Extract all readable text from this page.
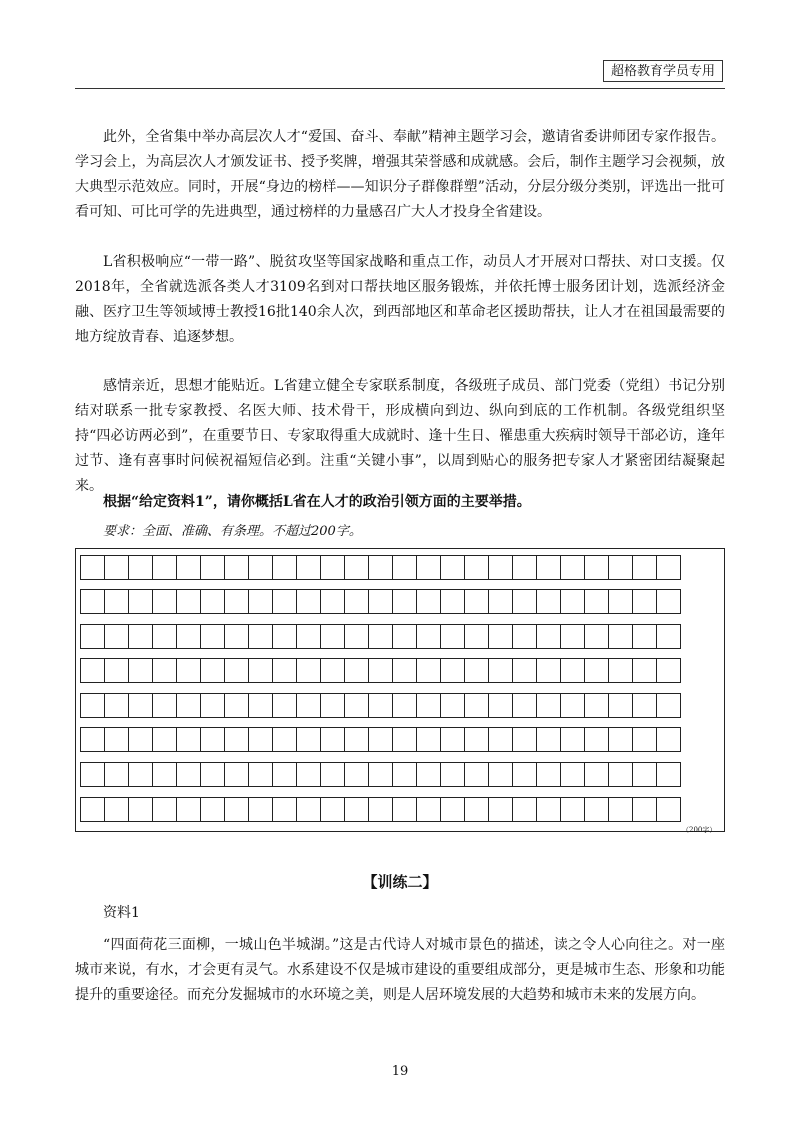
超格教育学员专用

此外，全省集中举办高层次人才“爱国、奋斗、奉献”精神主题学习会，邀请省委讲师团专家作报告。学习会上，为高层次人才颁发证书、授予奖牌，增强其荣誉感和成就感。会后，制作主题学习会视频，放大典型示范效应。同时，开展“身边的榜样——知识分子群像群塑”活动，分层分级分类别，评选出一批可看可知、可比可学的先进典型，通过榜样的力量感召广大人才投身全省建设。

L省积极响应“一带一路”、脱贫攻坚等国家战略和重点工作，动员人才开展对口帮扶、对口支援。仅2018年，全省就选派各类人才3109名到对口帮扶地区服务锻炼，并依托博士服务团计划，选派经济金融、医疗卫生等领域博士教授16批140余人次，到西部地区和革命老区援助帮扶，让人才在祖国最需要的地方绽放青春、追逐梦想。

感情亲近，思想才能贴近。L省建立健全专家联系制度，各级班子成员、部门党委（党组）书记分别结对联系一批专家教授、名医大师、技术骨干，形成横向到边、纵向到底的工作机制。各级党组织坚持“四必访两必到”，在重要节日、专家取得重大成就时、逢十生日、罹患重大疾病时领导干部必访，逢年过节、逢有喜事时问候祝福短信必到。注重“关键小事”，以周到贴心的服务把专家人才紧密团结凝聚起来。

根据“给定资料1”，请你概括L省在人才的政治引领方面的主要举措。

要求：全面、准确、有条理。不超过200字。

（200字）
【训练二】

资料1

“四面荷花三面柳，一城山色半城湖。”这是古代诗人对城市景色的描述，读之令人心向往之。对一座城市来说，有水，才会更有灵气。水系建设不仅是城市建设的重要组成部分，更是城市生态、形象和功能提升的重要途径。而充分发掘城市的水环境之美，则是人居环境发展的大趋势和城市未来的发展方向。

19
